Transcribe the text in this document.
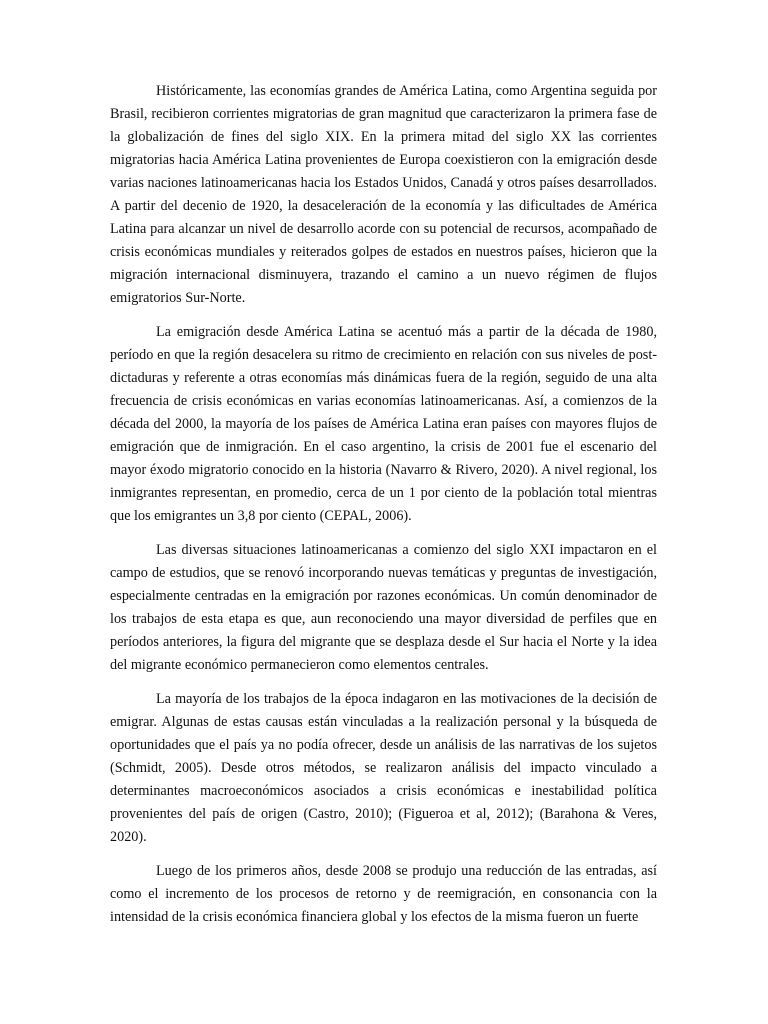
Históricamente, las economías grandes de América Latina, como Argentina seguida por Brasil, recibieron corrientes migratorias de gran magnitud que caracterizaron la primera fase de la globalización de fines del siglo XIX. En la primera mitad del siglo XX las corrientes migratorias hacia América Latina provenientes de Europa coexistieron con la emigración desde varias naciones latinoamericanas hacia los Estados Unidos, Canadá y otros países desarrollados. A partir del decenio de 1920, la desaceleración de la economía y las dificultades de América Latina para alcanzar un nivel de desarrollo acorde con su potencial de recursos, acompañado de crisis económicas mundiales y reiterados golpes de estados en nuestros países, hicieron que la migración internacional disminuyera, trazando el camino a un nuevo régimen de flujos emigratorios Sur-Norte.

La emigración desde América Latina se acentuó más a partir de la década de 1980, período en que la región desacelera su ritmo de crecimiento en relación con sus niveles de post-dictaduras y referente a otras economías más dinámicas fuera de la región, seguido de una alta frecuencia de crisis económicas en varias economías latinoamericanas. Así, a comienzos de la década del 2000, la mayoría de los países de América Latina eran países con mayores flujos de emigración que de inmigración. En el caso argentino, la crisis de 2001 fue el escenario del mayor éxodo migratorio conocido en la historia (Navarro & Rivero, 2020). A nivel regional, los inmigrantes representan, en promedio, cerca de un 1 por ciento de la población total mientras que los emigrantes un 3,8 por ciento (CEPAL, 2006).

Las diversas situaciones latinoamericanas a comienzo del siglo XXI impactaron en el campo de estudios, que se renovó incorporando nuevas temáticas y preguntas de investigación, especialmente centradas en la emigración por razones económicas. Un común denominador de los trabajos de esta etapa es que, aun reconociendo una mayor diversidad de perfiles que en períodos anteriores, la figura del migrante que se desplaza desde el Sur hacia el Norte y la idea del migrante económico permanecieron como elementos centrales.

La mayoría de los trabajos de la época indagaron en las motivaciones de la decisión de emigrar. Algunas de estas causas están vinculadas a la realización personal y la búsqueda de oportunidades que el país ya no podía ofrecer, desde un análisis de las narrativas de los sujetos (Schmidt, 2005). Desde otros métodos, se realizaron análisis del impacto vinculado a determinantes macroeconómicos asociados a crisis económicas e inestabilidad política provenientes del país de origen (Castro, 2010); (Figueroa et al, 2012); (Barahona & Veres, 2020).

Luego de los primeros años, desde 2008 se produjo una reducción de las entradas, así como el incremento de los procesos de retorno y de reemigración, en consonancia con la intensidad de la crisis económica financiera global y los efectos de la misma fueron un fuerte
